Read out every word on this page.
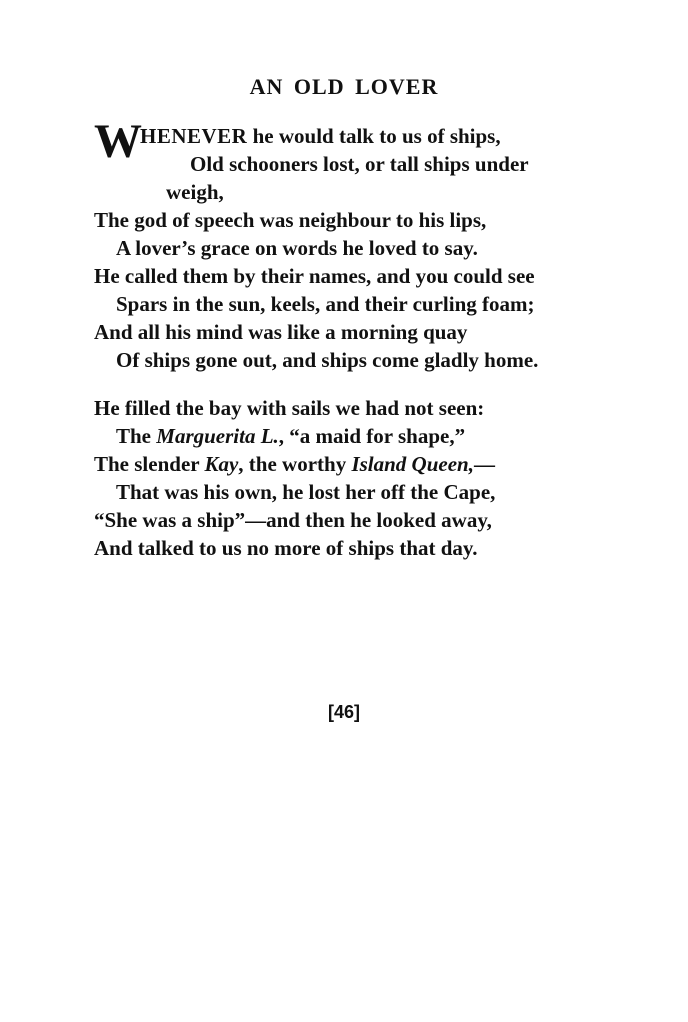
AN OLD LOVER
W
HENEVER he would talk to us of ships,
Old schooners lost, or tall ships under
weigh,
The god of speech was neighbour to his lips,
A lover’s grace on words he loved to say.
He called them by their names, and you could see
Spars in the sun, keels, and their curling foam;
And all his mind was like a morning quay
Of ships gone out, and ships come gladly home.
He filled the bay with sails we had not seen:
The Marguerita L., “a maid for shape,”
The slender Kay, the worthy Island Queen,—
That was his own, he lost her off the Cape,
“She was a ship”—and then he looked away,
And talked to us no more of ships that day.
[46]
